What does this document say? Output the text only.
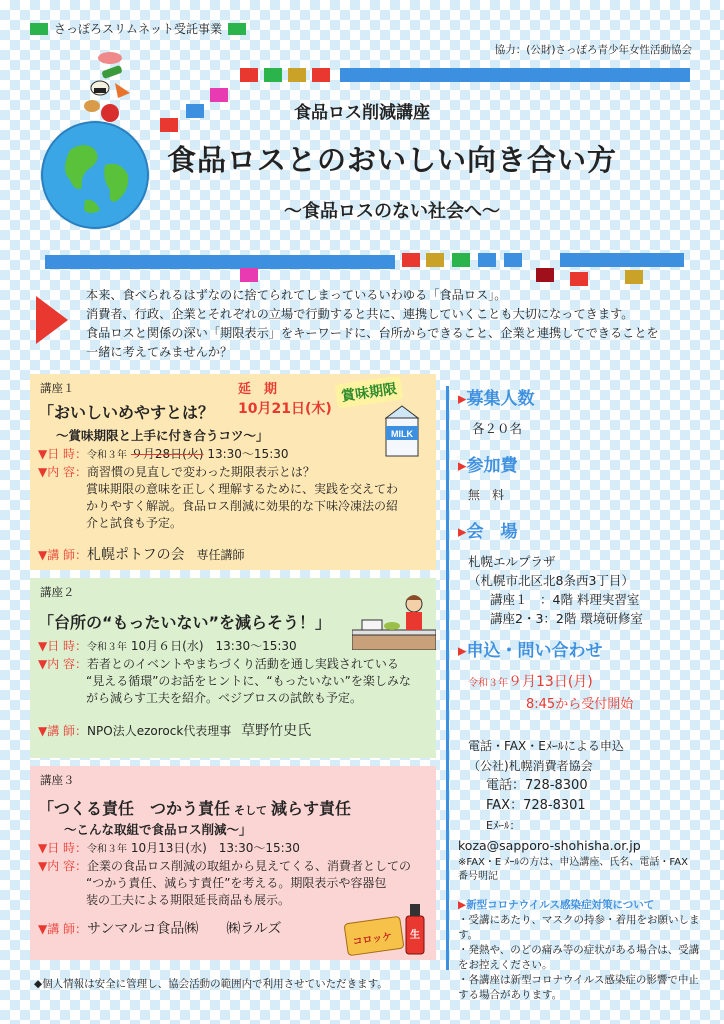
さっぽろスリムネット受託事業
協力：(公財)さっぽろ青少年女性活動協会
食品ロス削減講座
食品ロスとのおいしい向き合い方
～食品ロスのない社会へ～
本来、食べられるはずなのに捨てられてしまっているいわゆる「食品ロス」。
消費者、行政、企業とそれぞれの立場で行動すると共に、連携していくことも大切になってきます。
食品ロスと関係の深い「期限表示」をキーワードに、台所からできること、企業と連携してできることを
一緒に考えてみませんか？
講座１	延　期
10月21日(木)
賞味期限
MILK
「おいしいめやすとは？
～賞味期限と上手に付き合うコツ～」
▼日 時：令和３年 ９月28日(火) 13:30～15:30
▼内 容：商習慣の見直しで変わった期限表示とは？
賞味期限の意味を正しく理解するために、実践を交えてわ
かりやすく解説。食品ロス削減に効果的な下味冷凍法の紹
介と試食も予定。
▼講 師：札幌ポトフの会 専任講師
講座２
「台所の“もったいない”を減らそう！」
▼日 時：令和３年 10月６日(水)　13:30～15:30
▼内 容：若者とのイベントやまちづくり活動を通し実践されている
“見える循環”のお話をヒントに、“もったいない”を楽しみな
がら減らす工夫を紹介。ベジブロスの試飲も予定。
▼講 師：NPO法人ezorock代表理事 草野竹史氏
講座３
「つくる責任　つかう責任 そして 減らす責任
～こんな取組で食品ロス削減～」
▼日 時：令和３年 10月13日(水)　13:30～15:30
▼内 容：企業の食品ロス削減の取組から見えてくる、消費者としての
“つかう責任、減らす責任”を考える。期限表示や容器包
装の工夫による期限延長商品も展示。
▼講 師：サンマルコ食品㈱　　㈱ラルズ
コロッケ 生
◆個人情報は安全に管理し、協会活動の範囲内で利用させていただきます。
▶募集人数
各２０名
▶参加費
無　料
▶会　場
札幌エルプラザ
（札幌市北区北8条西3丁目）
講座１　：4階 料理実習室
講座2・3：2階 環境研修室
▶申込・問い合わせ
令和３年９月13日(月)
8:45から受付開始
電話・FAX・Eﾒｰﾙによる申込
（公社)札幌消費者協会
電話：728-8300
FAX：728-8301
Eﾒｰﾙ：
koza@sapporo-shohisha.or.jp
※FAX・E ﾒｰﾙの方は、申込講座、氏名、電話・FAX
番号明記
▶新型コロナウイルス感染症対策について
・受講にあたり、マスクの持参・着用をお願いしま
す。
・発熱や、のどの痛み等の症状がある場合は、受講
をお控えください。
・各講座は新型コロナウイルス感染症の影響で中止
する場合があります。
